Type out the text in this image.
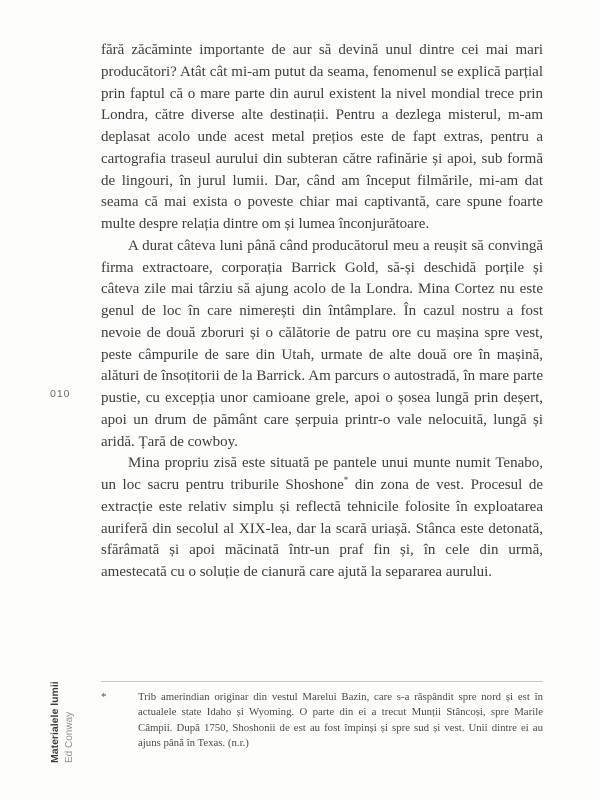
010
Materialele lumii Ed Conway

fără zăcăminte importante de aur să devină unul dintre cei mai mari producători? Atât cât mi-am putut da seama, fenomenul se explică parțial prin faptul că o mare parte din aurul existent la nivel mondial trece prin Londra, către diverse alte destinații. Pentru a dezlega misterul, m-am deplasat acolo unde acest metal prețios este de fapt extras, pentru a cartografia traseul aurului din subteran către rafinărie și apoi, sub formă de lingouri, în jurul lumii. Dar, când am început filmările, mi-am dat seama că mai exista o poveste chiar mai captivantă, care spune foarte multe despre relația dintre om și lumea înconjurătoare.

A durat câteva luni până când producătorul meu a reușit să convingă firma extractoare, corporația Barrick Gold, să-și deschidă porțile și câteva zile mai târziu să ajung acolo de la Londra. Mina Cortez nu este genul de loc în care nimerești din întâmplare. În cazul nostru a fost nevoie de două zboruri și o călătorie de patru ore cu mașina spre vest, peste câmpurile de sare din Utah, urmate de alte două ore în mașină, alături de însoțitorii de la Barrick. Am parcurs o autostradă, în mare parte pustie, cu excepția unor camioane grele, apoi o șosea lungă prin deșert, apoi un drum de pământ care șerpuia printr-o vale nelocuită, lungă și aridă. Țară de cowboy.

Mina propriu zisă este situată pe pantele unui munte numit Tenabo, un loc sacru pentru triburile Shoshone* din zona de vest. Procesul de extracție este relativ simplu și reflectă tehnicile folosite în exploatarea auriferă din secolul al XIX-lea, dar la scară uriașă. Stânca este detonată, sfărâmată și apoi măcinată într-un praf fin și, în cele din urmă, amestecată cu o soluție de cianură care ajută la separarea aurului.

*	Trib amerindian originar din vestul Marelui Bazin, care s-a răspândit spre nord și est în actualele state Idaho și Wyoming. O parte din ei a trecut Munții Stâncoși, spre Marile Câmpii. După 1750, Shoshonii de est au fost împinși și spre sud și vest. Unii dintre ei au ajuns până în Texas. (n.r.)
